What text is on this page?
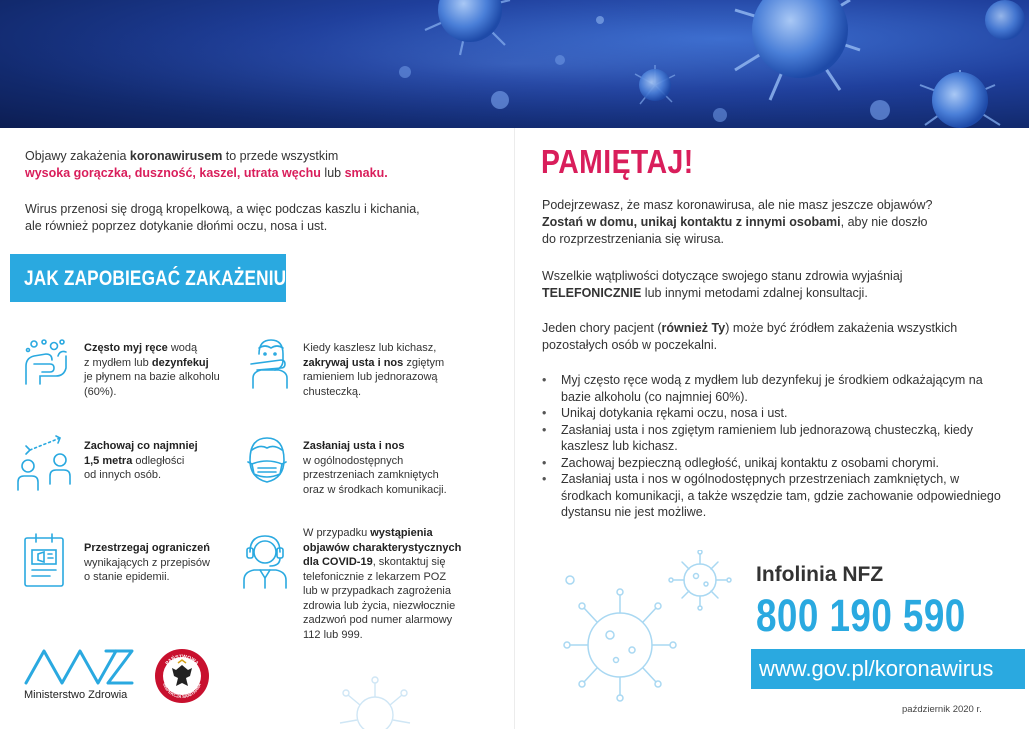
Objawy zakażenia koronawirusem to przede wszystkim
wysoka gorączka, duszność, kaszel, utrata węchu lub smaku.
Wirus przenosi się drogą kropelkową, a więc podczas kaszlu i kichania,
ale również poprzez dotykanie dłońmi oczu, nosa i ust.
JAK ZAPOBIEGAĆ ZAKAŻENIU?
Często myj ręce wodą
z mydłem lub dezynfekuj
je płynem na bazie alkoholu
(60%).
Kiedy kaszlesz lub kichasz,
zakrywaj usta i nos zgiętym
ramieniem lub jednorazową
chusteczką.
Zachowaj co najmniej
1,5 metra odległości
od innych osób.
Zasłaniaj usta i nos
w ogólnodostępnych
przestrzeniach zamkniętych
oraz w środkach komunikacji.
Przestrzegaj ograniczeń
wynikających z przepisów
o stanie epidemii.
W przypadku wystąpienia
objawów charakterystycznych
dla COVID-19, skontaktuj się
telefonicznie z lekarzem POZ
lub w przypadkach zagrożenia
zdrowia lub życia, niezwłocznie
zadzwoń pod numer alarmowy
112 lub 999.
Ministerstwo Zdrowia
PAŃSTWOWA
INSPEKCJA SANITARNA
PAMIĘTAJ!
Podejrzewasz, że masz koronawirusa, ale nie masz jeszcze objawów?
Zostań w domu, unikaj kontaktu z innymi osobami, aby nie doszło
do rozprzestrzeniania się wirusa.
Wszelkie wątpliwości dotyczące swojego stanu zdrowia wyjaśniaj
TELEFONICZNIE lub innymi metodami zdalnej konsultacji.
Jeden chory pacjent (również Ty) może być źródłem zakażenia wszystkich
pozostałych osób w poczekalni.
• Myj często ręce wodą z mydłem lub dezynfekuj je środkiem odkażającym na bazie alkoholu (co najmniej 60%).
• Unikaj dotykania rękami oczu, nosa i ust.
• Zasłaniaj usta i nos zgiętym ramieniem lub jednorazową chusteczką, kiedy kaszlesz lub kichasz.
• Zachowaj bezpieczną odległość, unikaj kontaktu z osobami chorymi.
• Zasłaniaj usta i nos w ogólnodostępnych przestrzeniach zamkniętych, w środkach komunikacji, a także wszędzie tam, gdzie zachowanie odpowiedniego dystansu nie jest możliwe.
Infolinia NFZ
800 190 590
www.gov.pl/koronawirus
październik 2020 r.
